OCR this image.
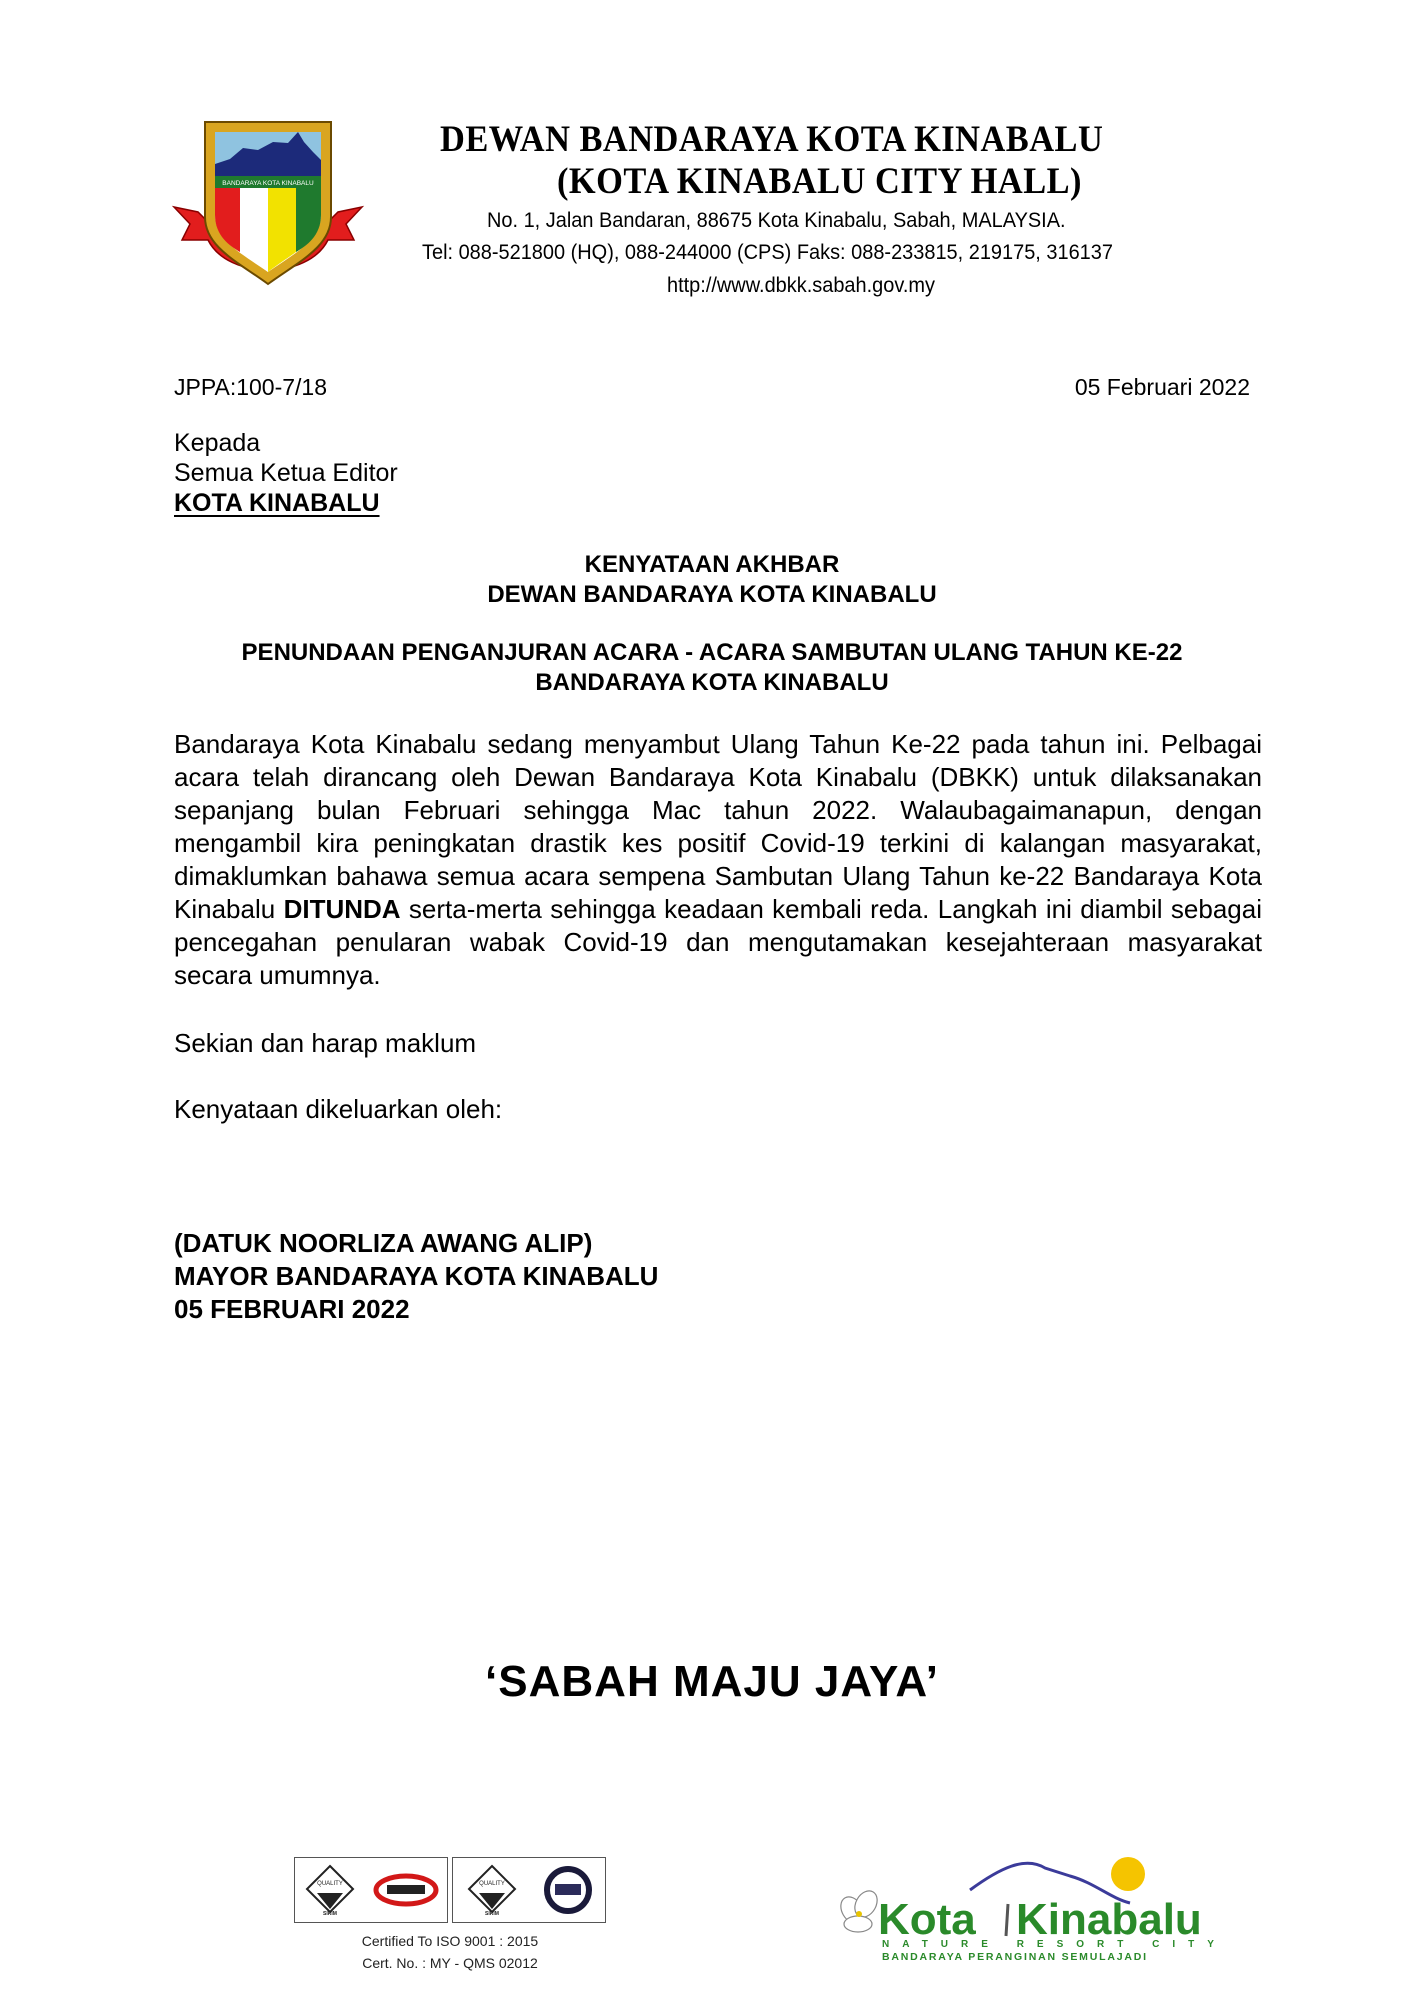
BANDARAYA KOTA KINABALU
DEWAN BANDARAYA KOTA KINABALU
(KOTA KINABALU CITY HALL)
No. 1, Jalan Bandaran, 88675 Kota Kinabalu, Sabah, MALAYSIA.
Tel: 088-521800 (HQ), 088-244000 (CPS) Faks: 088-233815, 219175, 316137
http://www.dbkk.sabah.gov.my
JPPA:100-7/18	05 Februari 2022
Kepada
Semua Ketua Editor
KOTA KINABALU
KENYATAAN AKHBAR
DEWAN BANDARAYA KOTA KINABALU
PENUNDAAN PENGANJURAN ACARA - ACARA SAMBUTAN ULANG TAHUN KE-22
BANDARAYA KOTA KINABALU
Bandaraya Kota Kinabalu sedang menyambut Ulang Tahun Ke-22 pada tahun ini. Pelbagai acara telah dirancang oleh Dewan Bandaraya Kota Kinabalu (DBKK) untuk dilaksanakan sepanjang bulan Februari sehingga Mac tahun 2022. Walaubagaimanapun, dengan mengambil kira peningkatan drastik kes positif Covid-19 terkini di kalangan masyarakat, dimaklumkan bahawa semua acara sempena Sambutan Ulang Tahun ke-22 Bandaraya Kota Kinabalu DITUNDA serta-merta sehingga keadaan kembali reda. Langkah ini diambil sebagai pencegahan penularan wabak Covid-19 dan mengutamakan kesejahteraan masyarakat secara umumnya.
Sekian dan harap maklum
Kenyataan dikeluarkan oleh:
(DATUK NOORLIZA AWANG ALIP)
MAYOR BANDARAYA KOTA KINABALU
05 FEBRUARI 2022
‘SABAH MAJU JAYA’
QUALITY
SIRIM
QUALITY
SIRIM
Certified To ISO 9001 : 2015
Cert. No. : MY - QMS 02012
Kota Kinabalu
NATURE RESORT CITY
BANDARAYA PERANGINAN SEMULAJADI
